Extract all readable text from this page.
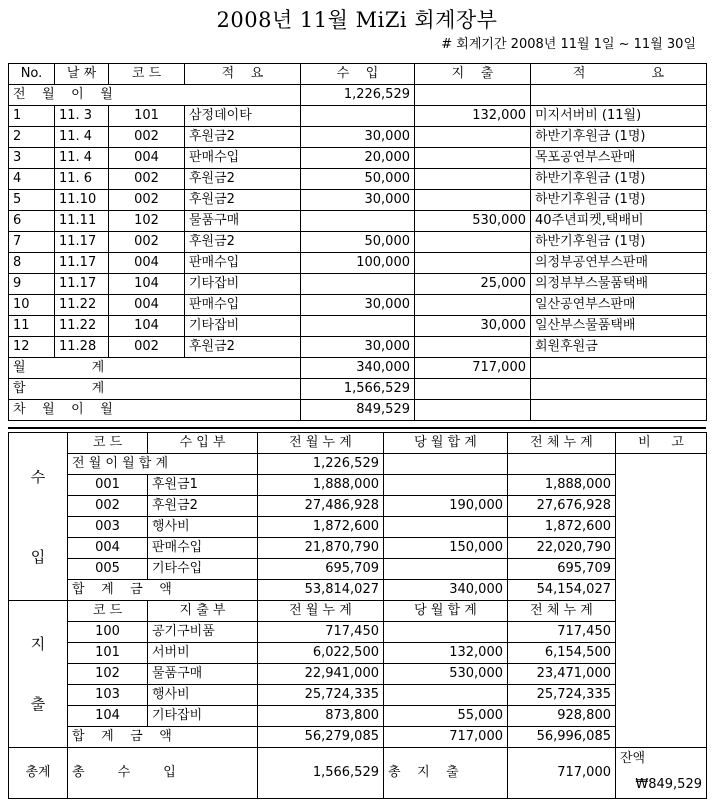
2008년 11월 MiZi 회계장부
# 회계기간 2008년 11월 1일 ~ 11월 30일
No.	날 짜	코 드	적    요	수    입	지    출	적                요
전    월    이    월				1,226,529		
1	11. 3	101	삼정데이타		132,000	미지서버비 (11월)
2	11. 4	002	후원금2	30,000		하반기후원금 (1명)
3	11. 4	004	판매수입	20,000		목포공연부스판매
4	11. 6	002	후원금2	50,000		하반기후원금 (1명)
5	11.10	002	후원금2	30,000		하반기후원금 (1명)
6	11.11	102	물품구매		530,000	40주년피켓,택배비
7	11.17	002	후원금2	50,000		하반기후원금 (1명)
8	11.17	004	판매수입	100,000		의정부공연부스판매
9	11.17	104	기타잡비		25,000	의정부부스물품택배
10	11.22	004	판매수입	30,000		일산공연부스판매
11	11.22	104	기타잡비		30,000	일산부스물품택배
12	11.28	002	후원금2	30,000		회원후원금
월                계				340,000	717,000	
합                계				1,566,529		
차    월    이    월				849,529		
수
입	코 드	수 입 부	전 월 누 계	당 월 합 계	전 체 누 계	비     고
	전 월 이 월 합 계		1,226,529			
	001	후원금1	1,888,000		1,888,000	
	002	후원금2	27,486,928	190,000	27,676,928	
	003	행사비	1,872,600		1,872,600	
	004	판매수입	21,870,790	150,000	22,020,790	
	005	기타수입	695,709		695,709	
	합    계    금    액		53,814,027	340,000	54,154,027	

지
출	코 드	지 출 부	전 월 누 계	당 월 합 계	전 체 누 계	
	100	공기구비품	717,450		717,450	
	101	서버비	6,022,500	132,000	6,154,500	
	102	물품구매	22,941,000	530,000	23,471,000	
	103	행사비	25,724,335		25,724,335	
	104	기타잡비	873,800	55,000	928,800	
	합    계    금    액		56,279,085	717,000	56,996,085	
총계	총        수        입		1,566,529	총    지    출	717,000	잔액
₩849,529
